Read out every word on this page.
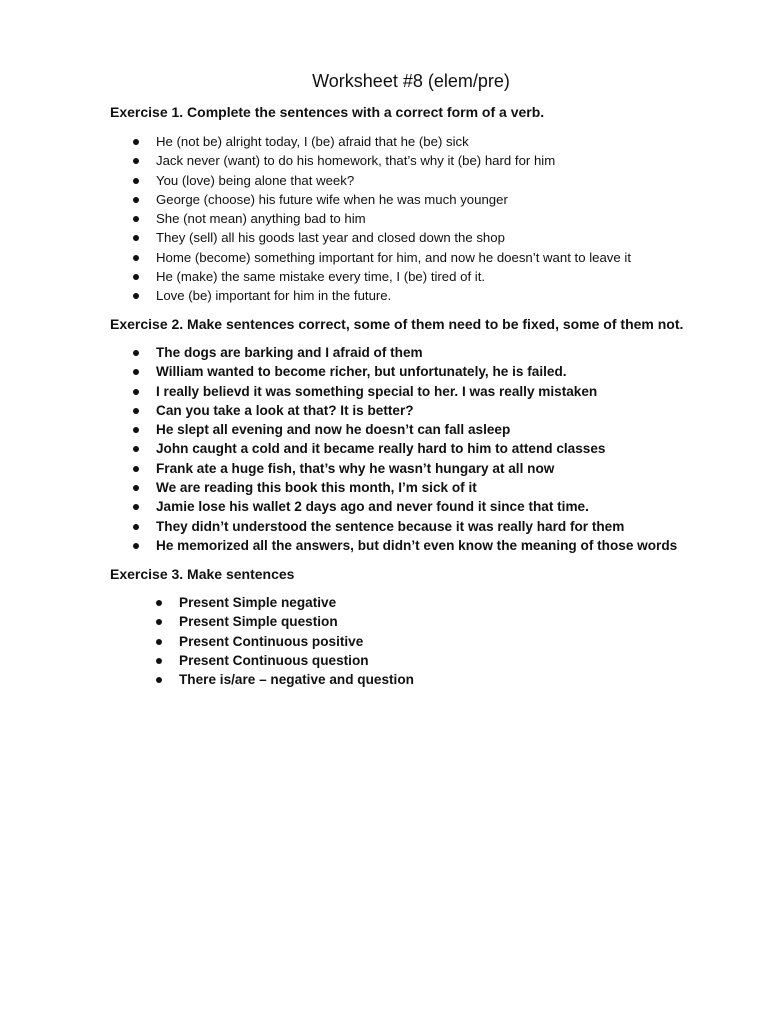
Worksheet #8 (elem/pre)

Exercise 1. Complete the sentences with a correct form of a verb.

He (not be) alright today, I (be) afraid that he (be) sick
Jack never (want) to do his homework, that’s why it (be) hard for him
You (love) being alone that week?
George (choose) his future wife when he was much younger
She (not mean) anything bad to him
They (sell) all his goods last year and closed down the shop
Home (become) something important for him, and now he doesn’t want to leave it
He (make) the same mistake every time, I (be) tired of it.
Love (be) important for him in the future.

Exercise 2. Make sentences correct, some of them need to be fixed, some of them not.

The dogs are barking and I afraid of them
William wanted to become richer, but unfortunately, he is failed.
I really believd it was something special to her. I was really mistaken
Can you take a look at that? It is better?
He slept all evening and now he doesn’t can fall asleep
John caught a cold and it became really hard to him to attend classes
Frank ate a huge fish, that’s why he wasn’t hungary at all now
We are reading this book this month, I’m sick of it
Jamie lose his wallet 2 days ago and never found it since that time.
They didn’t understood the sentence because it was really hard for them
He memorized all the answers, but didn’t even know the meaning of those words

Exercise 3. Make sentences

Present Simple negative
Present Simple question
Present Continuous positive
Present Continuous question
There is/are – negative and question
